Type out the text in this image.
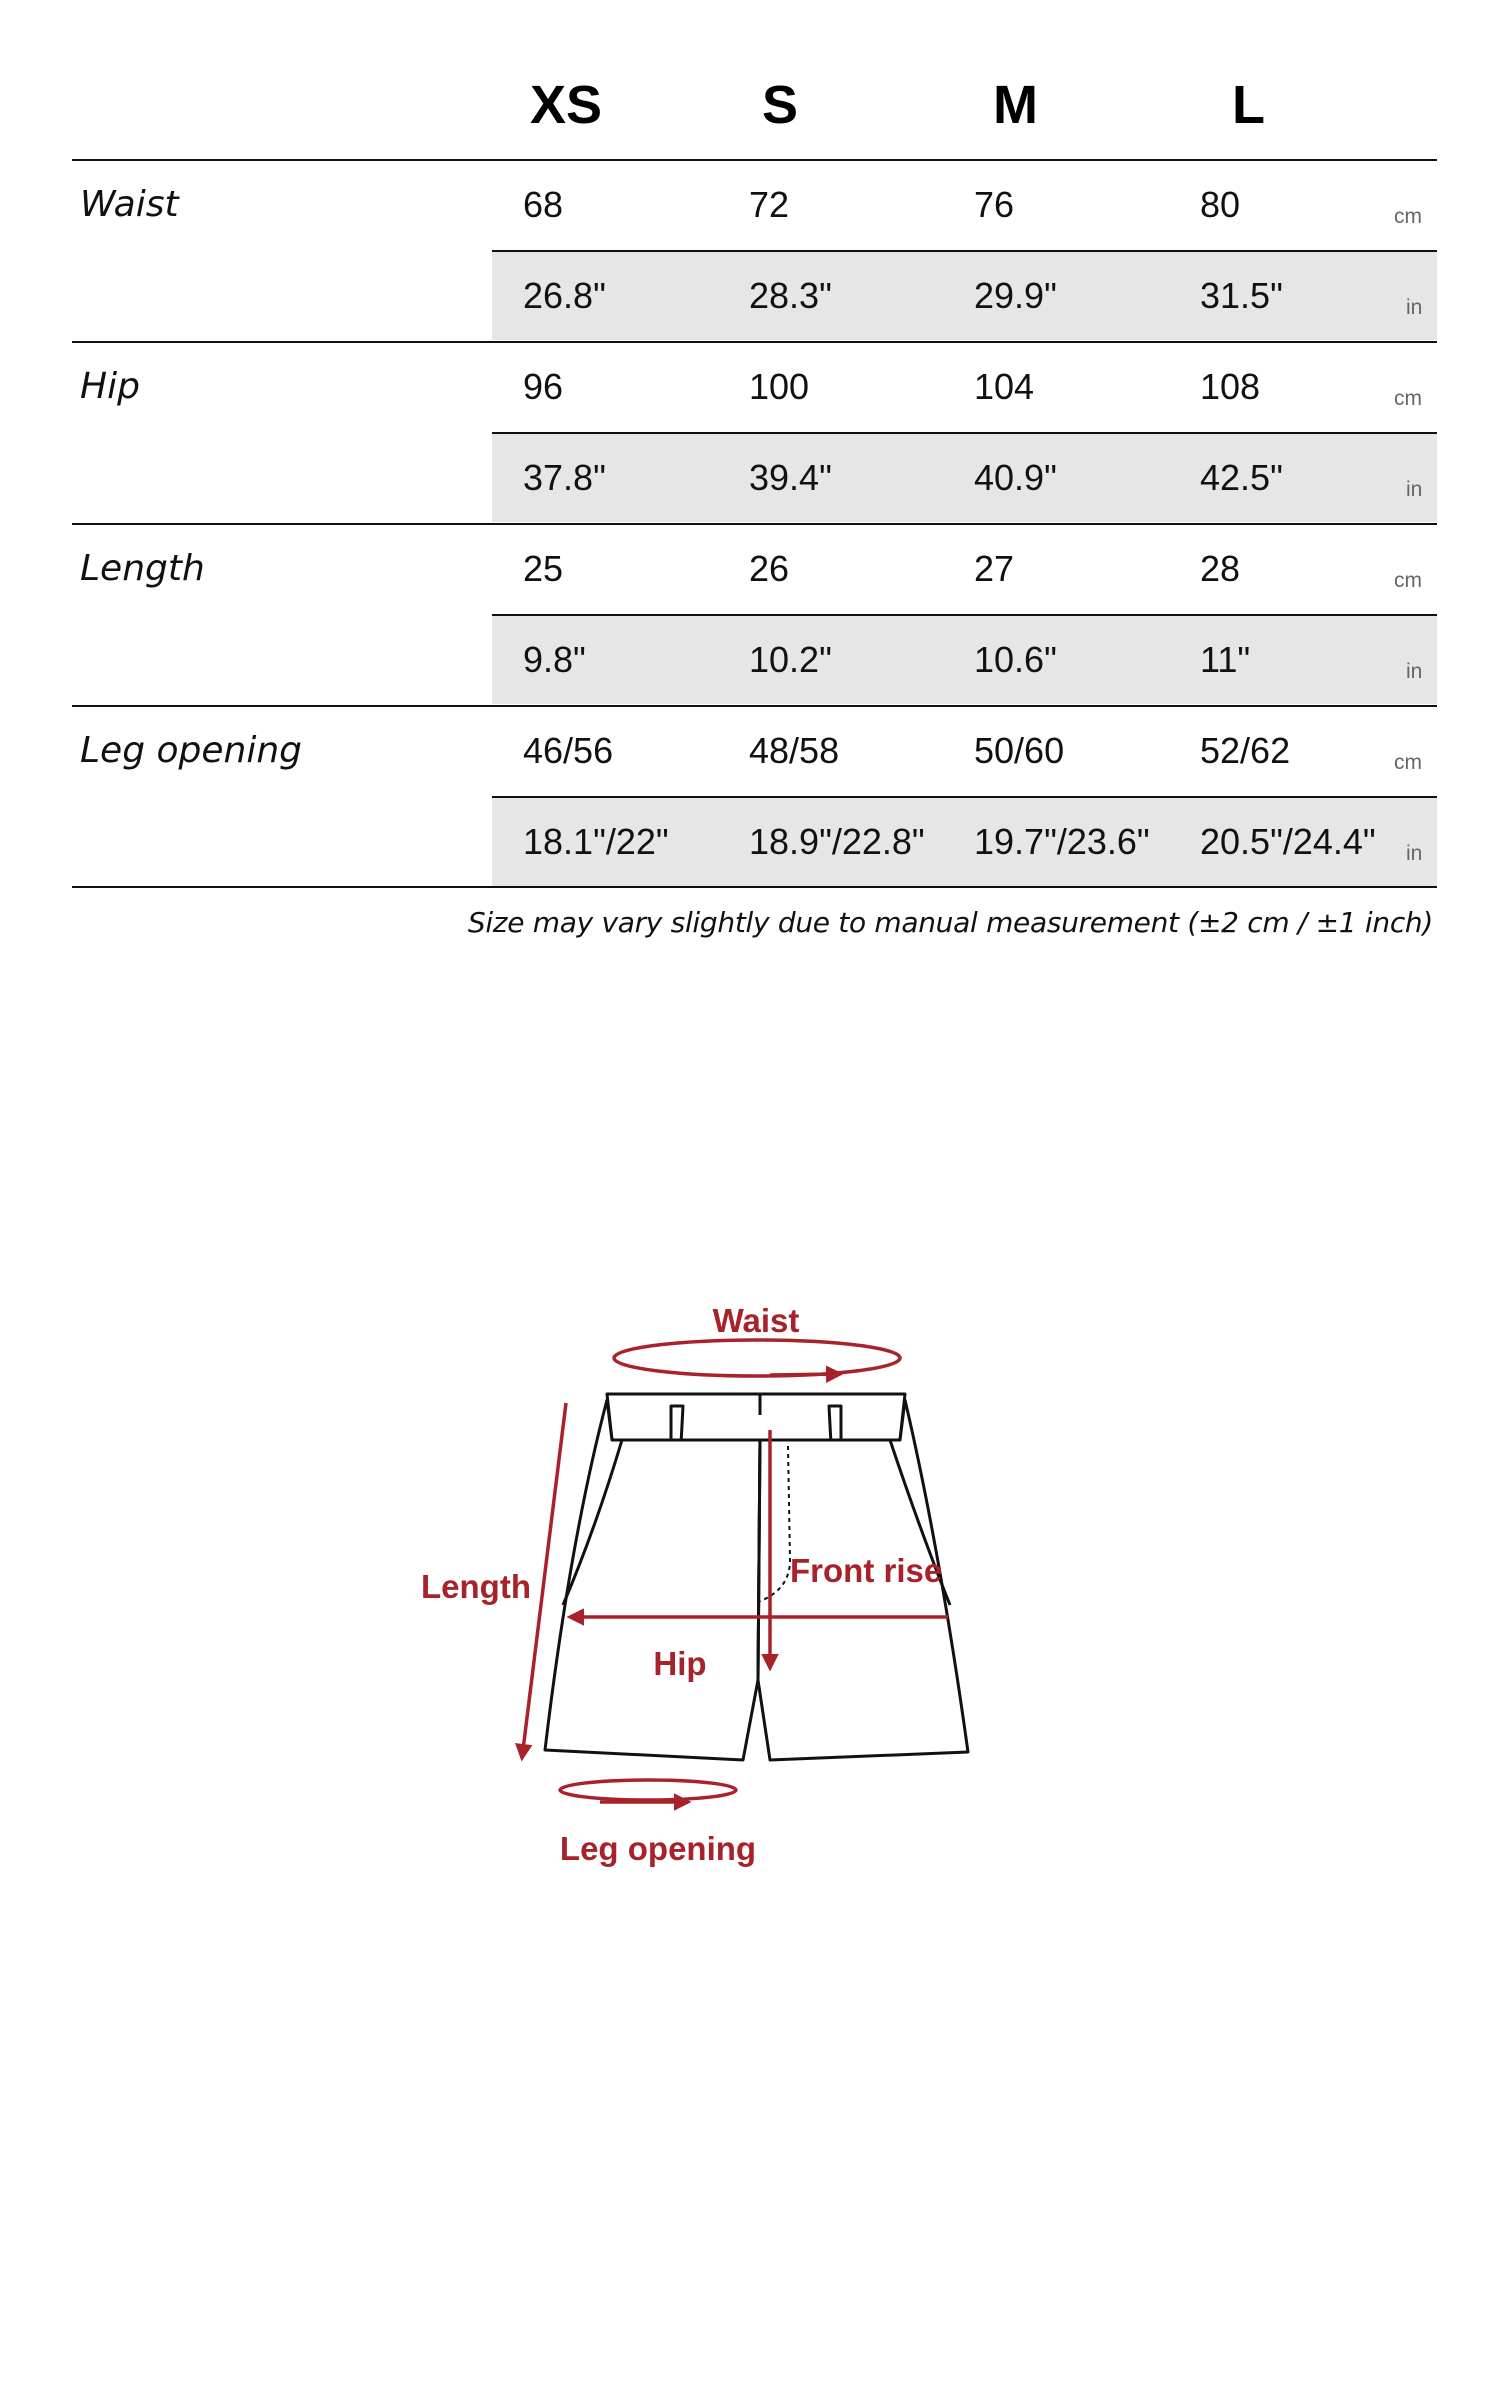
XS	S	M	L
Waist	68	72	76	80	cm
26.8"	28.3"	29.9"	31.5"	in
Hip	96	100	104	108	cm
37.8"	39.4"	40.9"	42.5"	in
Length	25	26	27	28	cm
9.8"	10.2"	10.6"	11"	in
Leg opening	46/56	48/58	50/60	52/62	cm
18.1"/22" 18.9"/22.8" 19.7"/23.6" 20.5"/24.4" in
Size may vary slightly due to manual measurement (±2 cm / ±1 inch)
Waist
Length	Front rise
Hip
Leg opening
